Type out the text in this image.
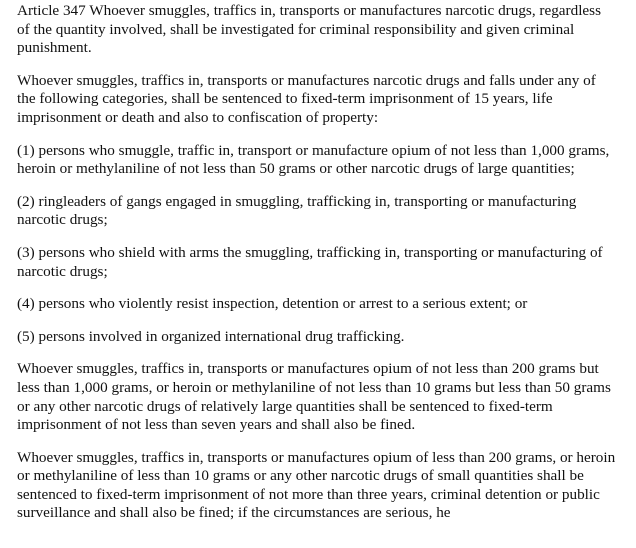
Article 347 Whoever smuggles, traffics in, transports or manufactures narcotic drugs, regardless of the quantity involved, shall be investigated for criminal responsibility and given criminal punishment.

Whoever smuggles, traffics in, transports or manufactures narcotic drugs and falls under any of the following categories, shall be sentenced to fixed-term imprisonment of 15 years, life imprisonment or death and also to confiscation of property:

(1) persons who smuggle, traffic in, transport or manufacture opium of not less than 1,000 grams, heroin or methylaniline of not less than 50 grams or other narcotic drugs of large quantities;

(2) ringleaders of gangs engaged in smuggling, trafficking in, transporting or manufacturing narcotic drugs;

(3) persons who shield with arms the smuggling, trafficking in, transporting or manufacturing of narcotic drugs;

(4) persons who violently resist inspection, detention or arrest to a serious extent; or

(5) persons involved in organized international drug trafficking.

Whoever smuggles, traffics in, transports or manufactures opium of not less than 200 grams but less than 1,000 grams, or heroin or methylaniline of not less than 10 grams but less than 50 grams or any other narcotic drugs of relatively large quantities shall be sentenced to fixed-term imprisonment of not less than seven years and shall also be fined.

Whoever smuggles, traffics in, transports or manufactures opium of less than 200 grams, or heroin or methylaniline of less than 10 grams or any other narcotic drugs of small quantities shall be sentenced to fixed-term imprisonment of not more than three years, criminal detention or public surveillance and shall also be fined; if the circumstances are serious, he
